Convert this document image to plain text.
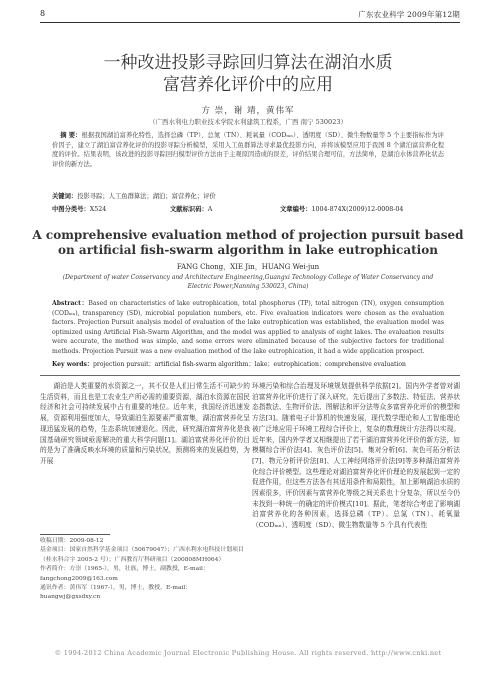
8	广东农业科学 2009年第12期
一种改进投影寻踪回归算法在湖泊水质
富营养化评价中的应用
方 崇，谢 靖，黄伟军
（广西水利电力职业技术学院水利建筑工程系，广西 南宁 530023）
摘 要：根据我国湖泊富养化特性，选择总磷（TP）、总氮（TN）、耗氧量（CODₘₙ）、透明度（SD）、微生物数量等 5 个主要指标作为评价因子，建立了湖泊富营养化评价的投影寻踪分析模型，采用人工鱼群算法寻求最优投影方向，并将该模型应用于我国 8 个湖泊富营养化程度的评价。结果表明，该改进的投影寻踪回归模型评价方法由于主观原因造成的误差，评价结果合理可信，方法简单，是湖泊水体营养化状态评价的新方法。
关键词：投影寻踪；人工鱼群算法；湖泊；富营养化；评价
中图分类号：X524	文献标识码：A	文章编号：1004-874X(2009)12-0008-04
A comprehensive evaluation method of projection pursuit based
on artificial fish-swarm algorithm in lake eutrophication
FANG Chong，XIE Jin，HUANG Wei-jun
(Department of water Conservancy and Architecture Engineering,Guangxi Technology College of Water Conservancy and Electric Power,Nanning 530023, China)
Abstract：Based on characteristics of lake eutrophication, total phosphorus (TP), total nitrogen (TN), oxygen consumption (CODₘₙ), transparency (SD), microbial population numbers, etc. Five evaluation indicators were chosen as the evaluation factors. Projection Pursuit analysis model of evaluation of the lake eutrophication was established, the evaluation model was optimized using Artificial Fish-Swarm Algorithm, and the model was applied to analysis of eight lakes. The evaluation results were accurate, the method was simple, and some errors were eliminated because of the subjective factors for traditional methods. Projection Pursuit was a new evaluation method of the lake eutrophication, it had a wide application prospect.
Key words：projection pursuit；artificial fish-swarm algorithm；lake；eutrophication；comprehensive evaluation

湖泊是人类重要的水资源之一，其不仅是人们日常生活不可缺少的生活资料，而且也是工农业生产所必需的重要资源，湖泊水资源在国民经济和社会可持续发展中占有重要的地位。近年来，我国经济迅速发展，资源利用强度加大，导致湖泊生源要素严重富集，湖泊富营养化呈现迅猛发展的趋势，生态系统加速退化。因此，研究湖泊富营养化是我国基础研究领域亟需解决的重大科学问题[1]。湖泊富营养化评价的目的是为了准确反映水环境的质量和污染状况，预测将来的发展趋势，为开展

环境污染和综合治理及环境规划提供科学依据[2]。国内外学者曾对湖泊富营养化评价进行了深入研究，先后提出了多数法、特征法、营养状态指数法、生物评价法、图解法和评分法等众多富营养化评价的模型和方法[3]。随着电子计算机的快速发展，现代数学理论和人工智能理论被广泛地应用于环境工程综合评价上，复杂的数理统计方法得以实现。近年来，国内外学者又相继提出了若干湖泊富营养化评价的新方法，如模糊综合评价法[4]、灰色评价法[5]、集对分析[6]、灰色可拓分析法[7]、物元分析评价法[8]、人工神经网络评价法[9]等多种湖泊富营养化综合评价模型。这些理论对湖泊富营养化评价理论的发展起到一定的促进作用，但这些方法各有其适用条件和局限性，加上影响湖泊水质的因素很多，评价因素与富营养化等级之间关系也十分复杂，所以至今仍未找到一种统一的确定的评价模式[10]。据此，笔者综合考虑了影响湖泊富营养化的各种因素，选择总磷（TP）、总氮（TN）、耗氧量（CODₘₙ）、透明度（SD）、微生物数量等 5 个具有代表性

收稿日期：2009-08-12
基金项目：国家自然科学基金项目（50679047）；广西水利水电科技计划项目（桂水科合字 2005-2 号）；广西教育厅科研项目（200808MH064）
作者简介：方崇（1965-），男，壮族，博士，副教授，E-mail：fangchong2009@163.com
通讯作者：黄伟军（1967-），男，博士，教授，E-mail：huangwj@gxsdxy.cn
© 1994-2012 China Academic Journal Electronic Publishing House. All rights reserved. http://www.cnki.net
